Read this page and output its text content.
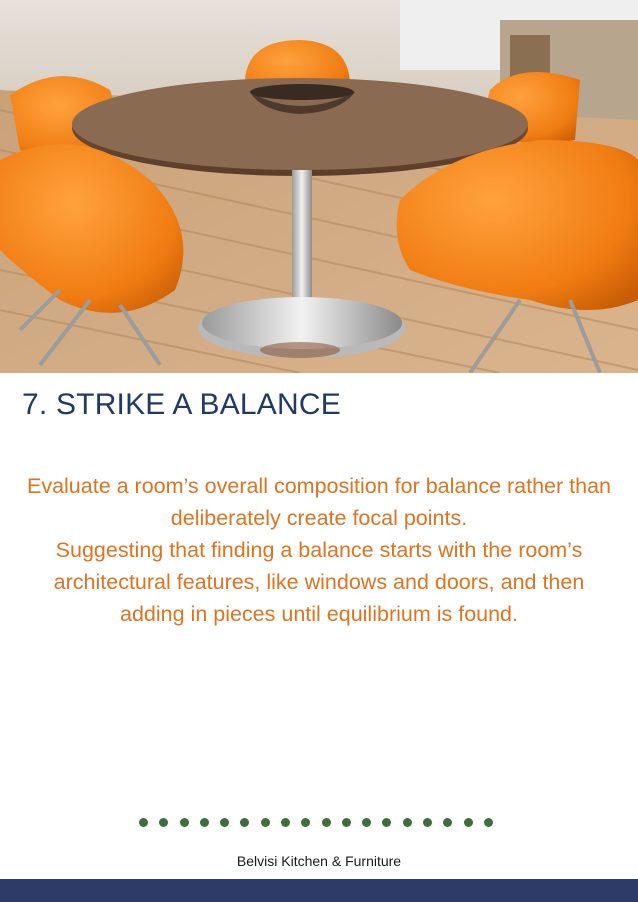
7. STRIKE A BALANCE

Evaluate a room’s overall composition for balance rather than deliberately create focal points.

Suggesting that finding a balance starts with the room’s architectural features, like windows and doors, and then adding in pieces until equilibrium is found.

Belvisi Kitchen & Furniture
